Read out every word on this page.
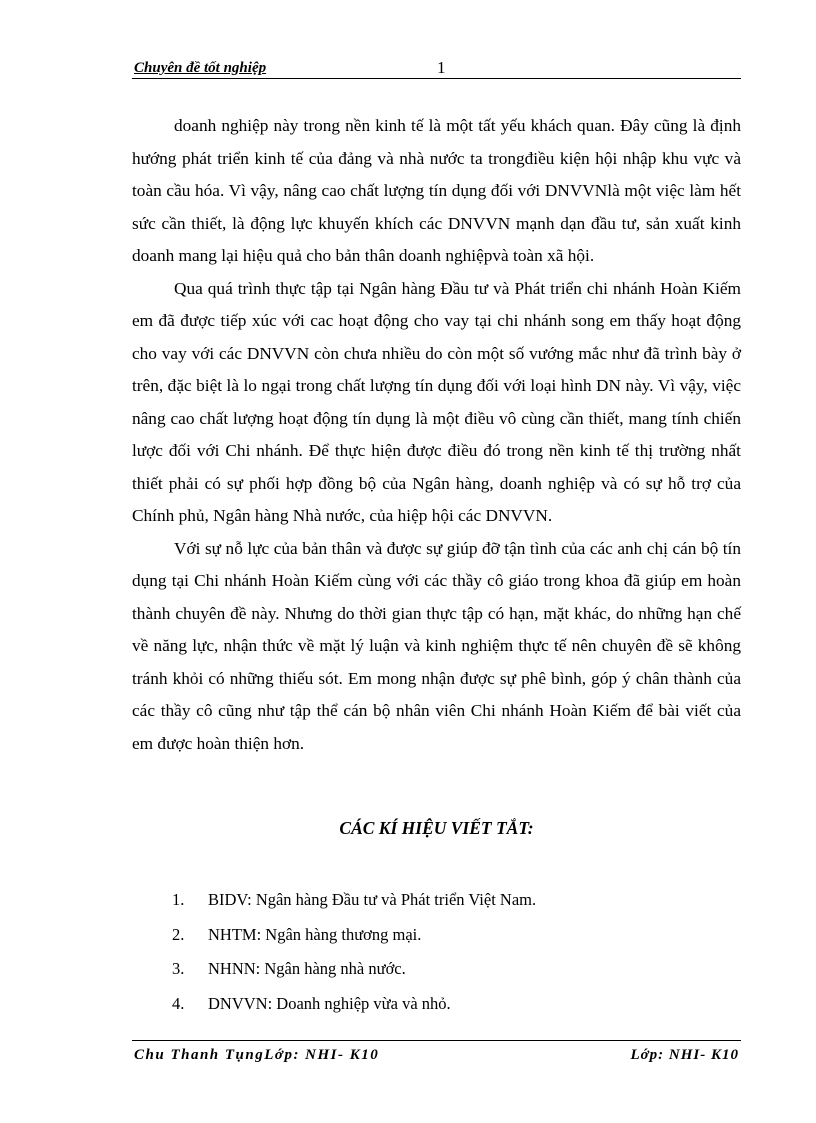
Chuyên đề tốt nghiệp	1

doanh nghiệp này trong nền kinh tế là một tất yếu khách quan. Đây cũng là định hướng phát triển kinh tế của đảng và nhà nước ta trongđiều kiện hội nhập khu vực và toàn cầu hóa. Vì vậy, nâng cao chất lượng tín dụng đối với DNVVNlà một việc làm hết sức cần thiết, là động lực khuyến khích các DNVVN mạnh dạn đầu tư, sản xuất kinh doanh mang lại hiệu quả cho bản thân doanh nghiệpvà toàn xã hội.

Qua quá trình thực tập tại Ngân hàng Đầu tư và Phát triển chi nhánh Hoàn Kiếm em đã được tiếp xúc với cac hoạt động cho vay tại chi nhánh song em thấy hoạt động cho vay với các DNVVN còn chưa nhiều do còn một số vướng mắc như đã trình bày ở trên, đặc biệt là lo ngại trong chất lượng tín dụng đối với loại hình DN này. Vì vậy, việc nâng cao chất lượng hoạt động tín dụng là một điều vô cùng cần thiết, mang tính chiến lược đối với Chi nhánh. Để thực hiện được điều đó trong nền kinh tế thị trường nhất thiết phải có sự phối hợp đồng bộ của Ngân hàng, doanh nghiệp và có sự hỗ trợ của Chính phủ, Ngân hàng Nhà nước, của hiệp hội các DNVVN.

Với sự nỗ lực của bản thân và được sự giúp đỡ tận tình của các anh chị cán bộ tín dụng tại Chi nhánh Hoàn Kiếm cùng với các thầy cô giáo trong khoa đã giúp em hoàn thành chuyên đề này. Nhưng do thời gian thực tập có hạn, mặt khác, do những hạn chế về năng lực, nhận thức về mặt lý luận và kinh nghiệm thực tế nên chuyên đề sẽ không tránh khỏi có những thiếu sót. Em mong nhận được sự phê bình, góp ý chân thành của các thầy cô cũng như tập thể cán bộ nhân viên Chi nhánh Hoàn Kiếm để bài viết của em được hoàn thiện hơn.

CÁC KÍ HIỆU VIẾT TẮT:
1. BIDV: Ngân hàng Đầu tư và Phát triển Việt Nam.
2. NHTM: Ngân hàng thương mại.
3. NHNN: Ngân hàng nhà nước.
4. DNVVN: Doanh nghiệp vừa và nhỏ.
Chu Thanh TụngLớp: NHI- K10	Lớp: NHI- K10
